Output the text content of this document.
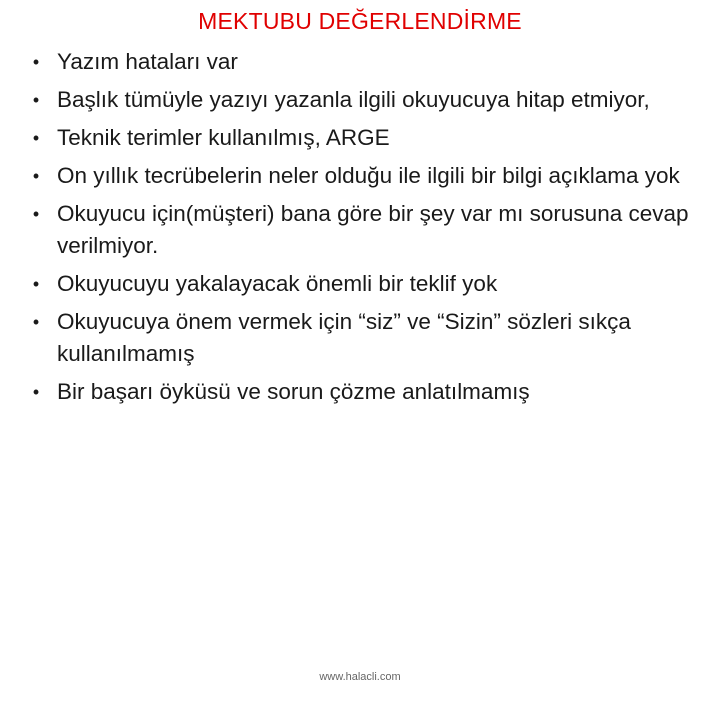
MEKTUBU DEĞERLENDİRME
• Yazım hataları var
• Başlık tümüyle yazıyı yazanla ilgili okuyucuya hitap etmiyor,
• Teknik terimler kullanılmış, ARGE
• On yıllık tecrübelerin neler olduğu ile ilgili bir bilgi açıklama yok
• Okuyucu için(müşteri) bana göre bir şey var mı sorusuna cevap verilmiyor.
• Okuyucuyu yakalayacak önemli bir teklif yok
• Okuyucuya önem vermek için “siz” ve “Sizin” sözleri sıkça kullanılmamış
• Bir başarı öyküsü ve sorun çözme anlatılmamış
www.halacli.com
